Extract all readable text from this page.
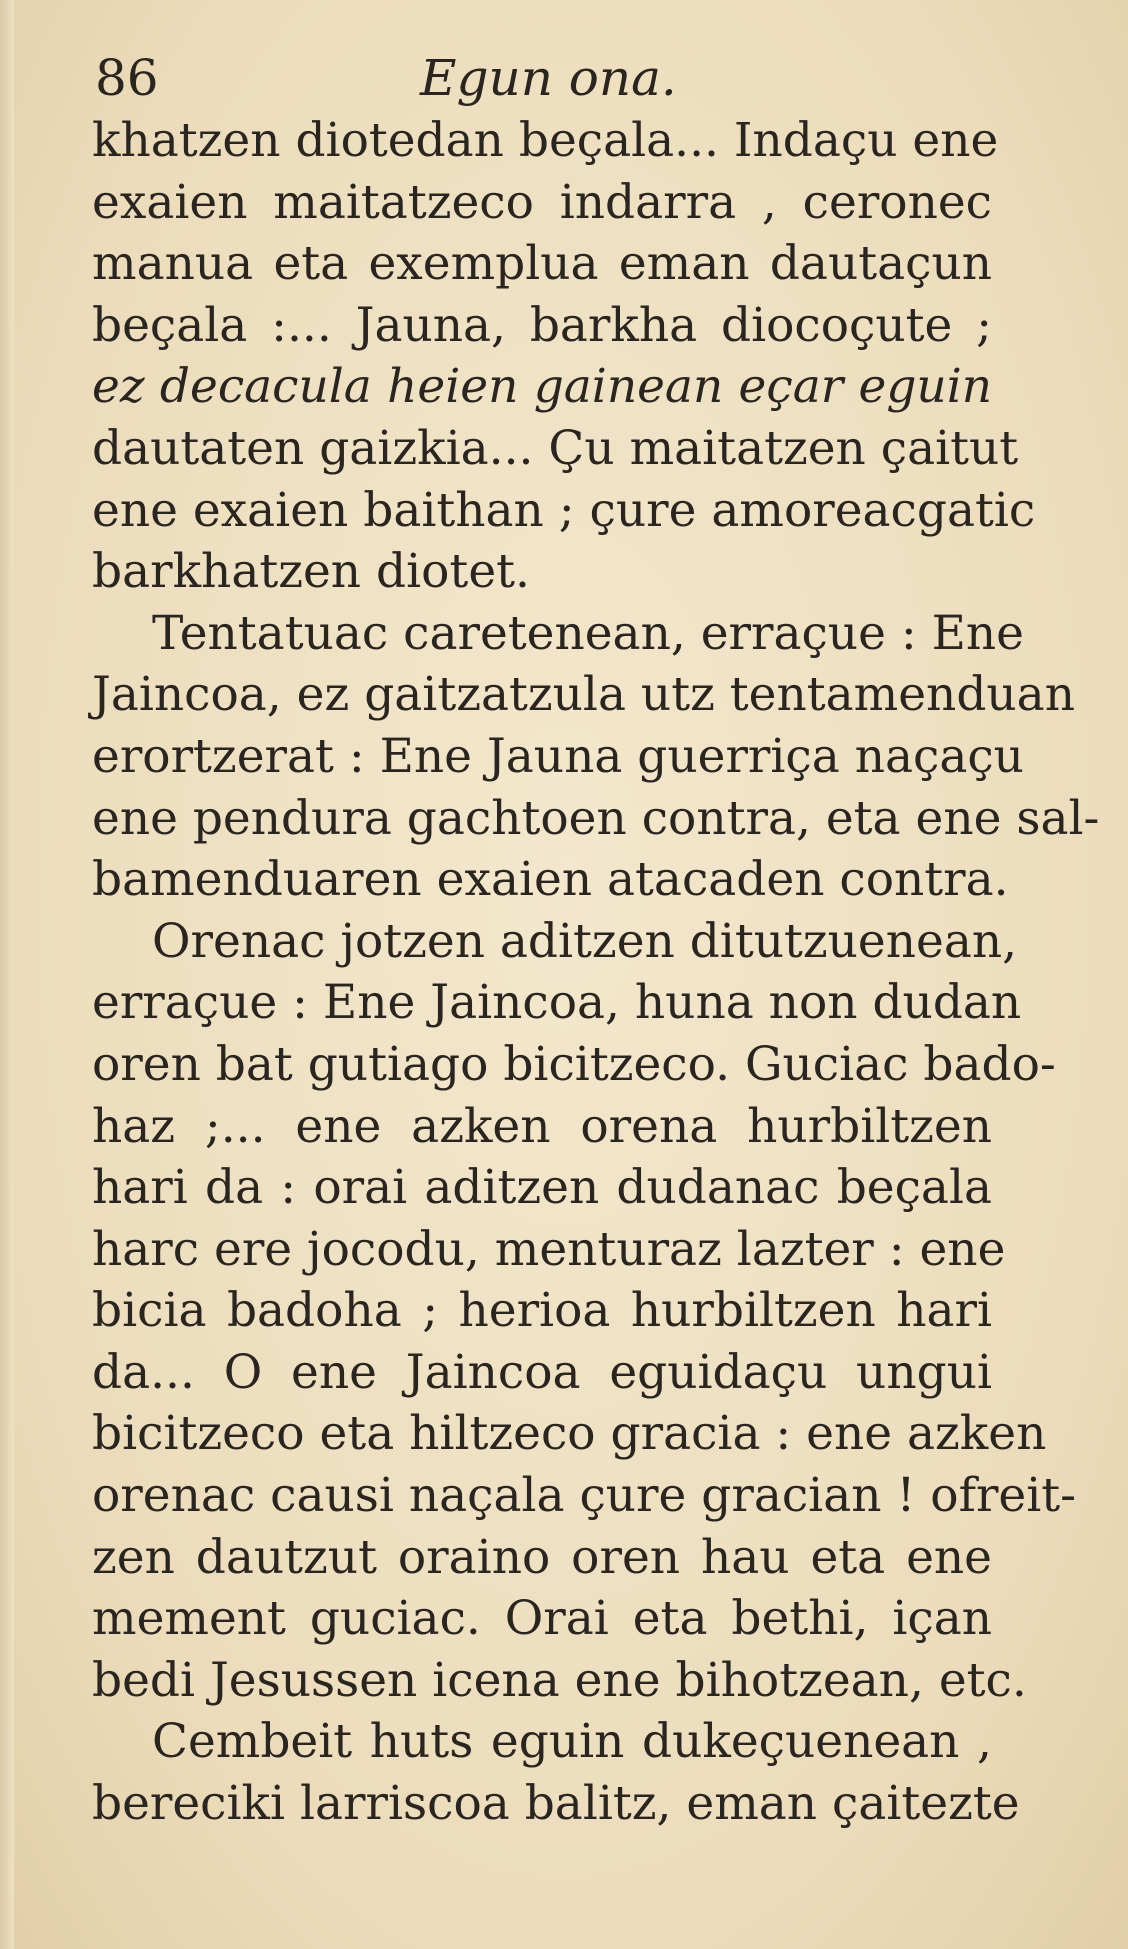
86	Egun ona.
khatzen diotedan beçala... Indaçu ene
exaien maitatzeco indarra , ceronec
manua eta exemplua eman dautaçun
beçala :... Jauna, barkha diocoçute ;
ez decacula heien gainean eçar eguin
dautaten gaizkia... Çu maitatzen çaitut
ene exaien baithan ; çure amoreacgatic
barkhatzen diotet.
Tentatuac caretenean, erraçue : Ene
Jaincoa, ez gaitzatzula utz tentamenduan
erortzerat : Ene Jauna guerriça naçaçu
ene pendura gachtoen contra, eta ene sal-
bamenduaren exaien atacaden contra.
Orenac jotzen aditzen ditutzuenean,
erraçue : Ene Jaincoa, huna non dudan
oren bat gutiago bicitzeco. Guciac bado-
haz ;... ene azken orena hurbiltzen
hari da : orai aditzen dudanac beçala
harc ere jocodu, menturaz lazter : ene
bicia badoha ; herioa hurbiltzen hari
da... O ene Jaincoa eguidaçu ungui
bicitzeco eta hiltzeco gracia : ene azken
orenac causi naçala çure gracian ! ofreit-
zen dautzut oraino oren hau eta ene
mement guciac. Orai eta bethi, içan
bedi Jesussen icena ene bihotzean, etc.
Cembeit huts eguin dukeçuenean ,
bereciki larriscoa balitz, eman çaitezte
